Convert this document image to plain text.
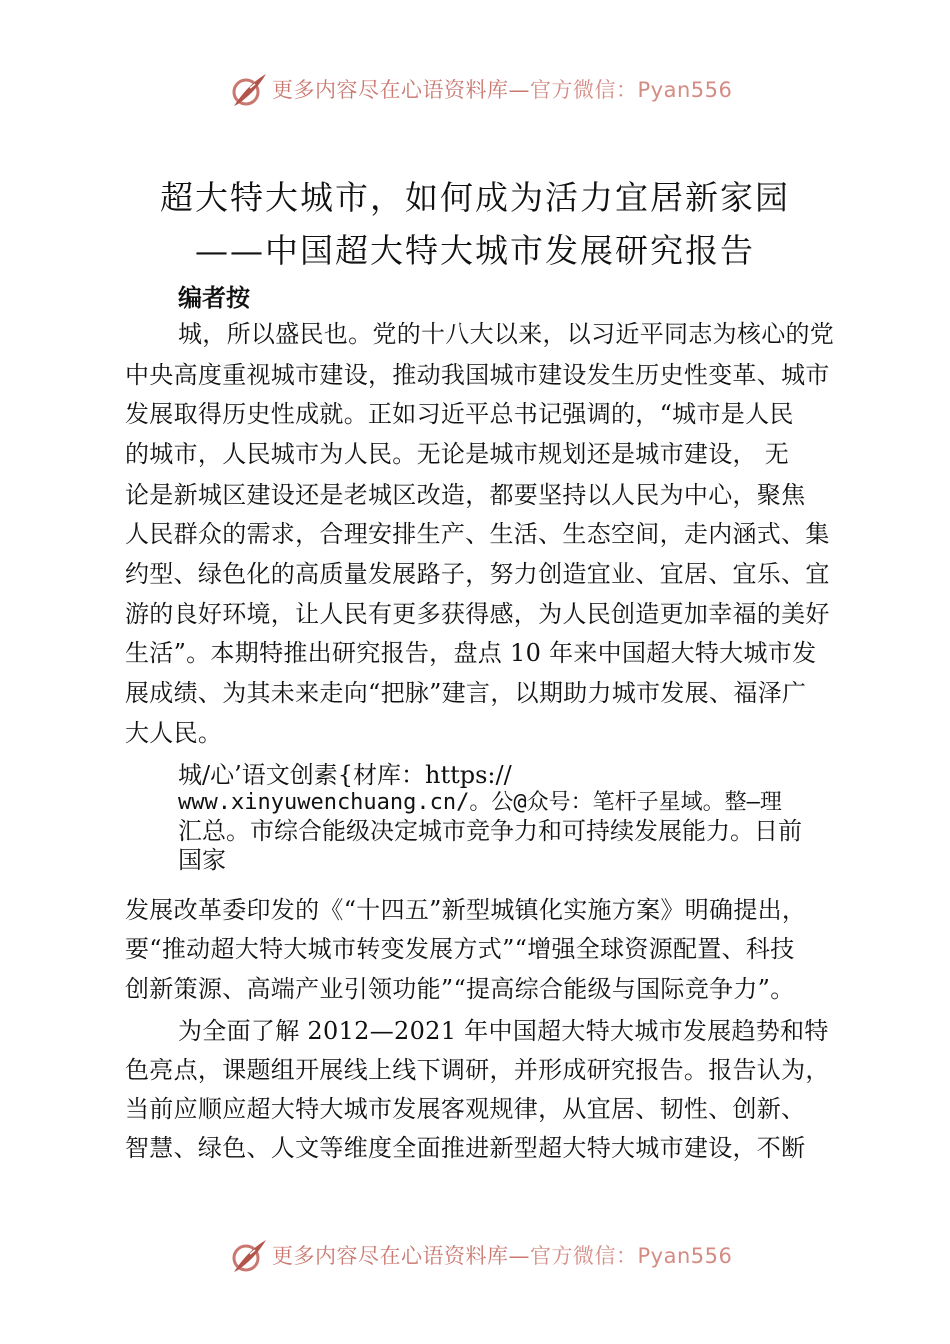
更多内容尽在心语资料库—官方微信：Pyan556
超大特大城市，如何成为活力宜居新家园
——中国超大特大城市发展研究报告
编者按
城，所以盛民也。党的十八大以来，以习近平同志为核心的党
中央高度重视城市建设，推动我国城市建设发生历史性变革、城市
发展取得历史性成就。正如习近平总书记强调的，“城市是人民
的城市，人民城市为人民。无论是城市规划还是城市建设， 无
论是新城区建设还是老城区改造，都要坚持以人民为中心，聚焦
人民群众的需求，合理安排生产、生活、生态空间，走内涵式、集
约型、绿色化的高质量发展路子，努力创造宜业、宜居、宜乐、宜
游的良好环境，让人民有更多获得感，为人民创造更加幸福的美好
生活”。本期特推出研究报告，盘点 10 年来中国超大特大城市发
展成绩、为其未来走向“把脉”建言，以期助力城市发展、福泽广
大人民。
城/心’语文创素{材库：https://
www.xinyuwenchuang.cn/。公@众号：笔杆子星域。整—理
汇总。市综合能级决定城市竞争力和可持续发展能力。日前
国家
发展改革委印发的《“十四五”新型城镇化实施方案》明确提出，
要“推动超大特大城市转变发展方式”“增强全球资源配置、科技
创新策源、高端产业引领功能”“提高综合能级与国际竞争力”。
为全面了解 2012—2021 年中国超大特大城市发展趋势和特
色亮点，课题组开展线上线下调研，并形成研究报告。报告认为，
当前应顺应超大特大城市发展客观规律，从宜居、韧性、创新、
智慧、绿色、人文等维度全面推进新型超大特大城市建设，不断
更多内容尽在心语资料库—官方微信：Pyan556
